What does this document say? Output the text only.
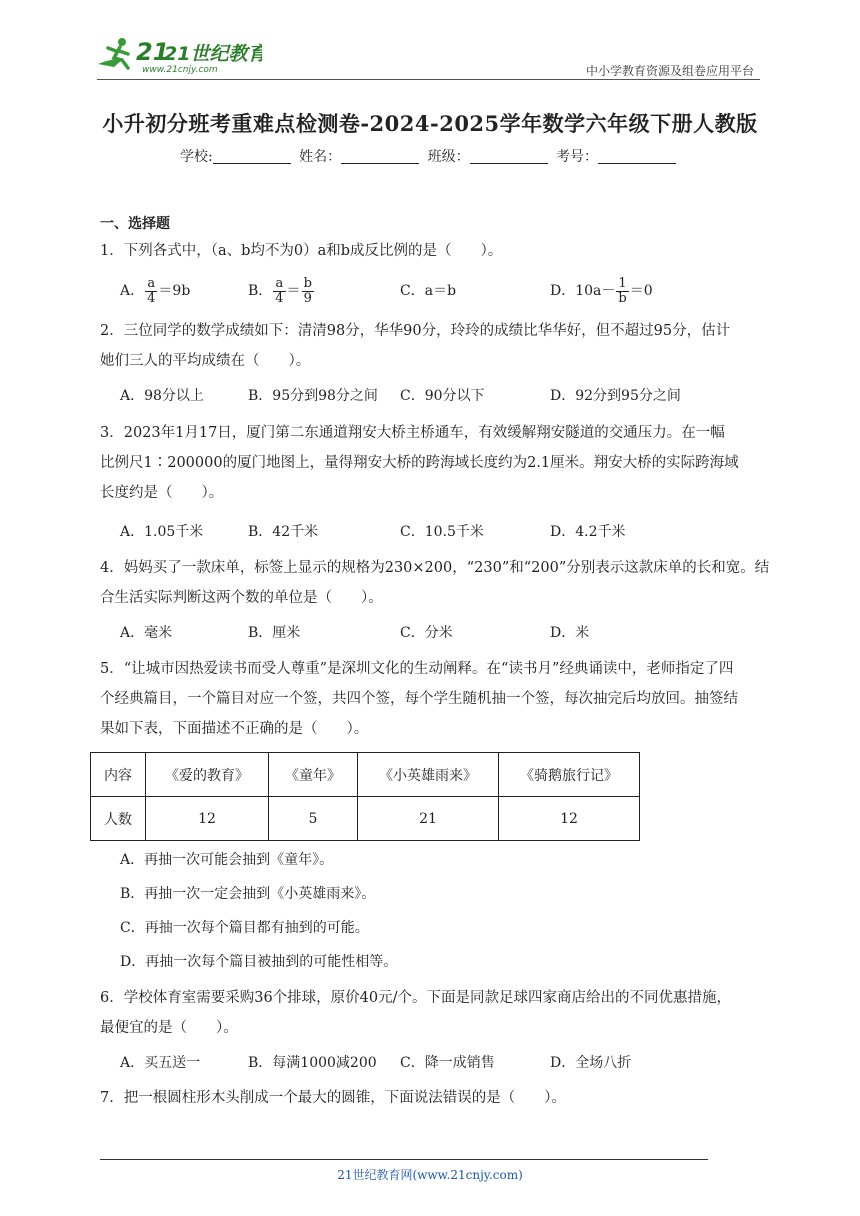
21
21世纪教育
www.21cnjy.com	中小学教育资源及组卷应用平台
小升初分班考重难点检测卷-2024-2025学年数学六年级下册人教版
学校:	姓名：	班级：	考号：
一、选择题
1．下列各式中，（a、b均不为0）a和b成反比例的是（　　）。
A． $\frac{a}{4} =9b$	B． $\frac{a}{4} = \frac{b}{9}$	C．a＝b	D．$10a- \frac{1}{b} =0$
2．三位同学的数学成绩如下：清清98分，华华90分，玲玲的成绩比华华好，但不超过95分，估计
她们三人的平均成绩在（　　）。
A．98分以上	B．95分到98分之间 C．90分以下	D．92分到95分之间
3．2023年1月17日，厦门第二东通道翔安大桥主桥通车，有效缓解翔安隧道的交通压力。在一幅
比例尺1∶200000的厦门地图上，量得翔安大桥的跨海域长度约为2.1厘米。翔安大桥的实际跨海域
长度约是（　　）。
A．1.05千米	B．42千米	C．10.5千米	D．4.2千米
4．妈妈买了一款床单，标签上显示的规格为230×200，“230”和“200”分别表示这款床单的长和宽。结
合生活实际判断这两个数的单位是（　　）。
A．毫米	B．厘米	C．分米	D．米
5．“让城市因热爱读书而受人尊重”是深圳文化的生动阐释。在“读书月”经典诵读中，老师指定了四
个经典篇目，一个篇目对应一个签，共四个签，每个学生随机抽一个签，每次抽完后均放回。抽签结
果如下表，下面描述不正确的是（　　）。
内容	《爱的教育》	《童年》	《小英雄雨来》	《骑鹅旅行记》
人数	12	5	21	12
A．再抽一次可能会抽到《童年》。
B．再抽一次一定会抽到《小英雄雨来》。
C．再抽一次每个篇目都有抽到的可能。
D．再抽一次每个篇目被抽到的可能性相等。
6．学校体育室需要采购36个排球，原价40元/个。下面是同款足球四家商店给出的不同优惠措施，
最便宜的是（　　）。
A．买五送一	B．每满1000减200 C．降一成销售	D．全场八折
7．把一根圆柱形木头削成一个最大的圆锥，下面说法错误的是（　　）。
21世纪教育网(www.21cnjy.com)
